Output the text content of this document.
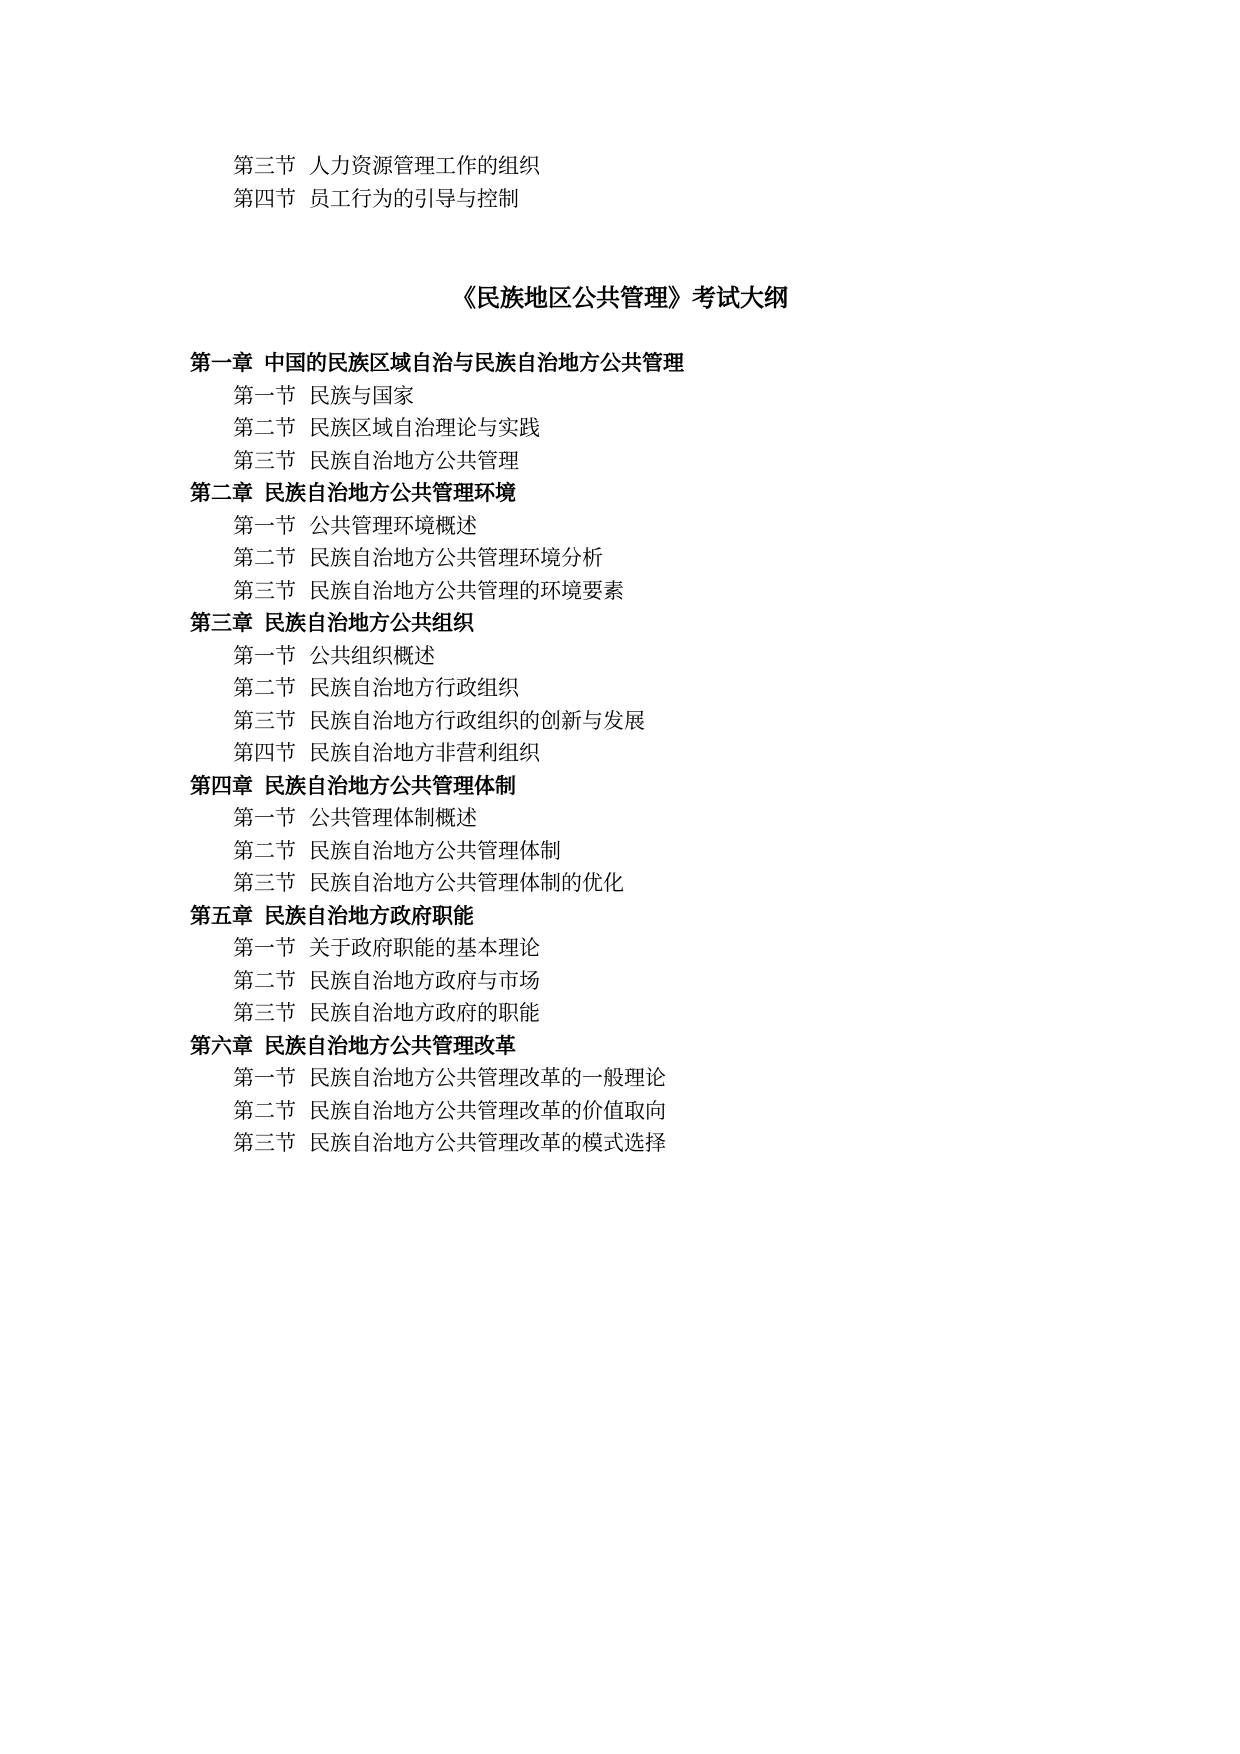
第三节 人力资源管理工作的组织
第四节 员工行为的引导与控制
《民族地区公共管理》考试大纲
第一章 中国的民族区域自治与民族自治地方公共管理
第一节 民族与国家
第二节 民族区域自治理论与实践
第三节 民族自治地方公共管理
第二章 民族自治地方公共管理环境
第一节 公共管理环境概述
第二节 民族自治地方公共管理环境分析
第三节 民族自治地方公共管理的环境要素
第三章 民族自治地方公共组织
第一节 公共组织概述
第二节 民族自治地方行政组织
第三节 民族自治地方行政组织的创新与发展
第四节 民族自治地方非营利组织
第四章 民族自治地方公共管理体制
第一节 公共管理体制概述
第二节 民族自治地方公共管理体制
第三节 民族自治地方公共管理体制的优化
第五章 民族自治地方政府职能
第一节 关于政府职能的基本理论
第二节 民族自治地方政府与市场
第三节 民族自治地方政府的职能
第六章 民族自治地方公共管理改革
第一节 民族自治地方公共管理改革的一般理论
第二节 民族自治地方公共管理改革的价值取向
第三节 民族自治地方公共管理改革的模式选择
